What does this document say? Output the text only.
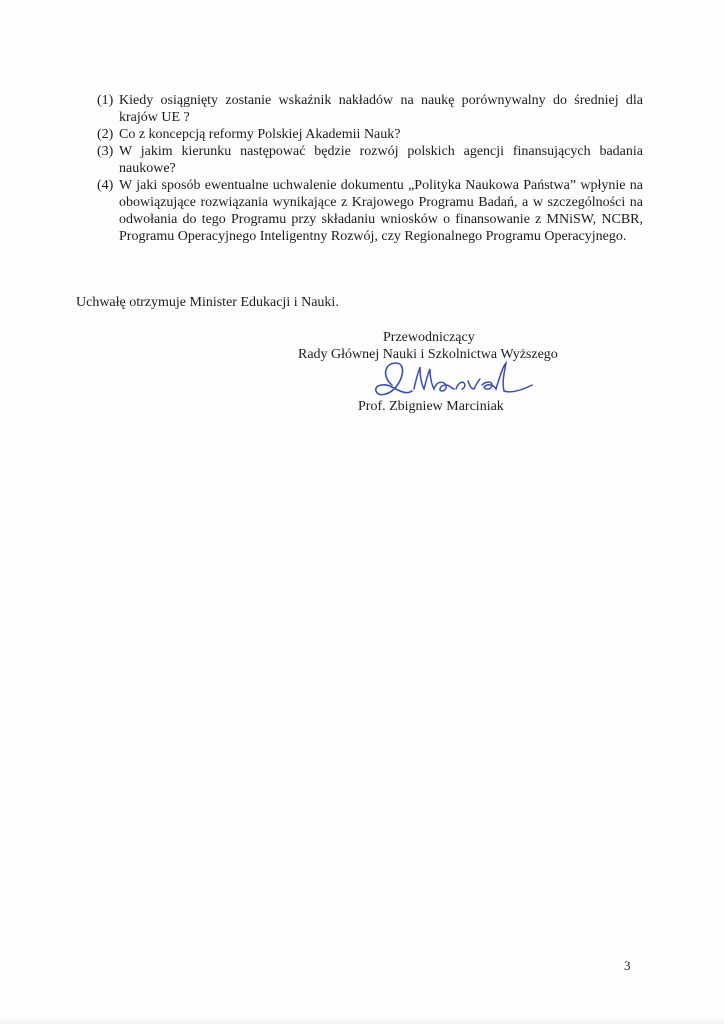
(1) Kiedy osiągnięty zostanie wskaźnik nakładów na naukę porównywalny do średniej dla krajów UE ?
(2) Co z koncepcją reformy Polskiej Akademii Nauk?
(3) W jakim kierunku następować będzie rozwój polskich agencji finansujących badania naukowe?
(4) W jaki sposób ewentualne uchwalenie dokumentu „Polityka Naukowa Państwa” wpłynie na obowiązujące rozwiązania wynikające z Krajowego Programu Badań, a w szczególności na odwołania do tego Programu przy składaniu wniosków o finansowanie z MNiSW, NCBR, Programu Operacyjnego Inteligentny Rozwój, czy Regionalnego Programu Operacyjnego.

Uchwałę otrzymuje Minister Edukacji i Nauki.

Przewodniczący
Rady Głównej Nauki i Szkolnictwa Wyższego
Prof. Zbigniew Marciniak
3
